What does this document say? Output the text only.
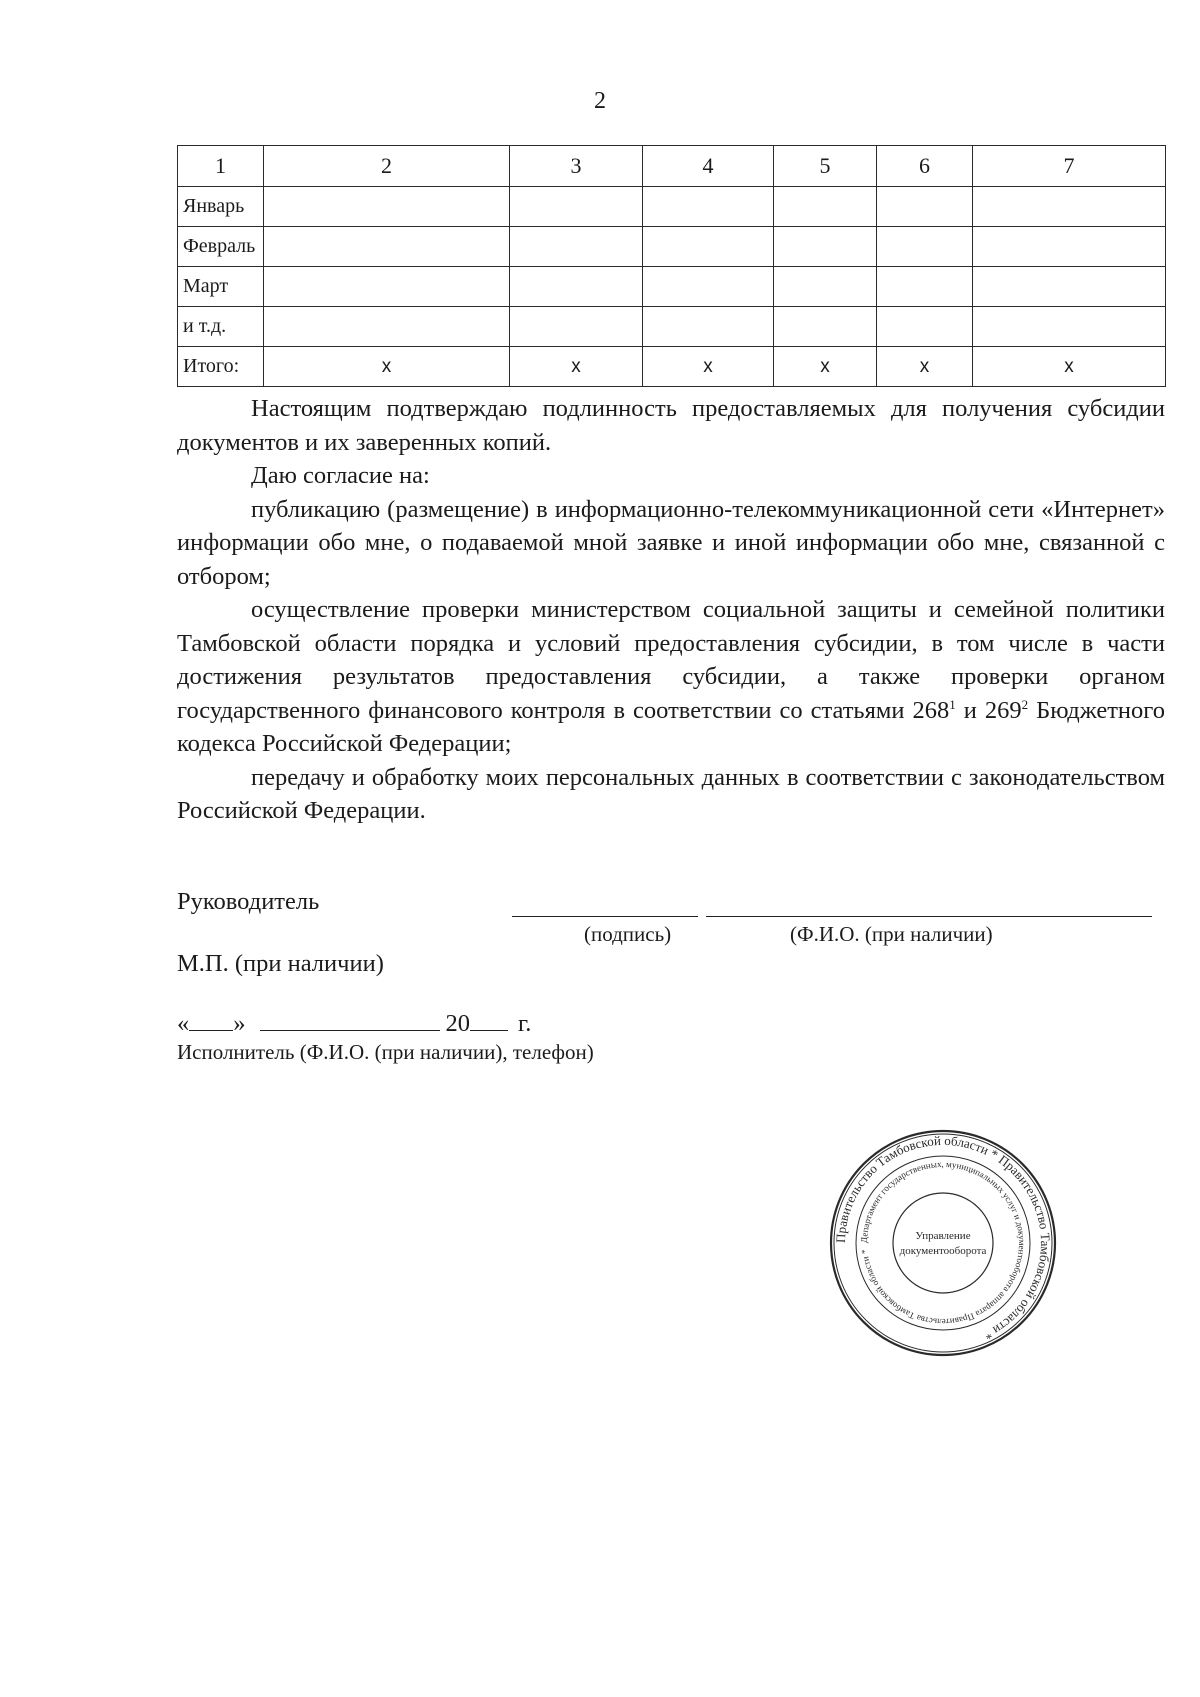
2
1	2	3	4	5	6	7
Январь						
Февраль						
Март						
и т.д.						
Итого:	x	x	x	x	x	x

Настоящим подтверждаю подлинность предоставляемых для получения субсидии документов и их заверенных копий.

Даю согласие на:

публикацию (размещение) в информационно-телекоммуникационной сети «Интернет» информации обо мне, о подаваемой мной заявке и иной информации обо мне, связанной с отбором;

осуществление проверки министерством социальной защиты и семейной политики Тамбовской области порядка и условий предоставления субсидии, в том числе в части достижения результатов предоставления субсидии, а также проверки органом государственного финансового контроля в соответствии со статьями $268^1$ и $269^2$ Бюджетного кодекса Российской Федерации;

передачу и обработку моих персональных данных в соответствии с законодательством Российской Федерации.

Руководитель
(подпись)	(Ф.И.О. (при наличии)
М.П. (при наличии)
« »	20 г.
Исполнитель (Ф.И.О. (при наличии), телефон)
Правительство Тамбовской области * Правительство Тамбовской области *
Департамент государственных, муниципальных услуг и документооборота аппарата Правительства Тамбовской области *
Управление
документооборота
